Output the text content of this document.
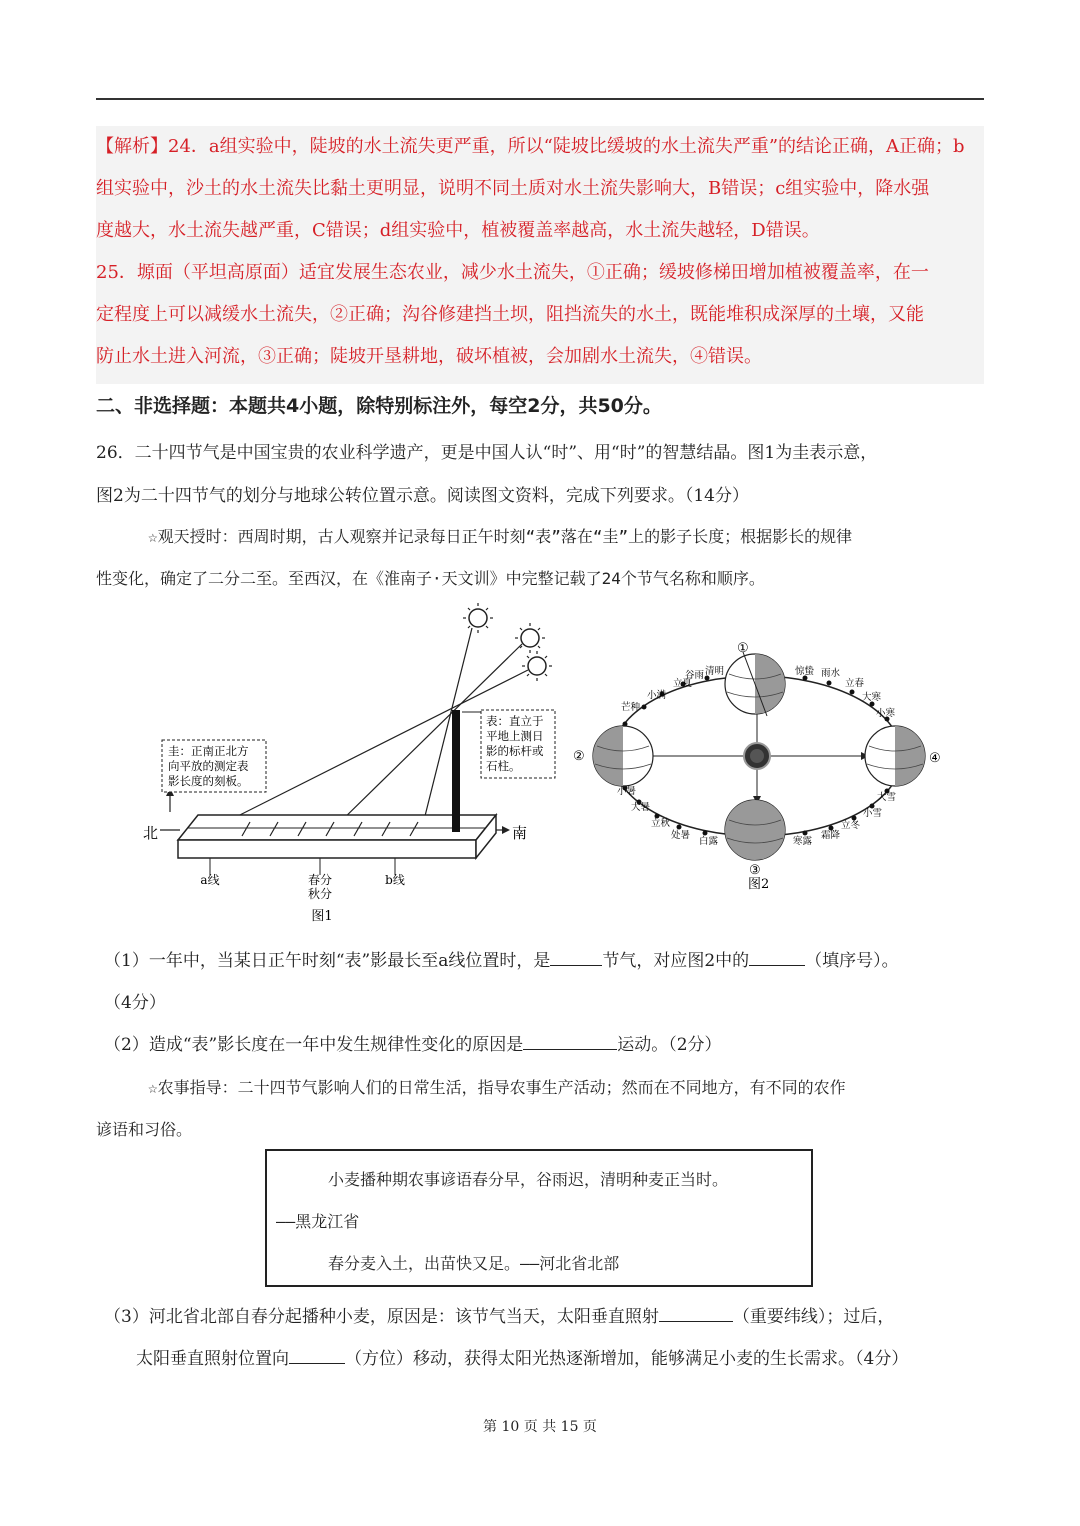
【解析】24．a组实验中，陡坡的水土流失更严重，所以“陡坡比缓坡的水土流失严重”的结论正确，A正确；b

组实验中，沙土的水土流失比黏土更明显，说明不同土质对水土流失影响大，B错误；c组实验中，降水强

度越大，水土流失越严重，C错误；d组实验中，植被覆盖率越高，水土流失越轻，D错误。

25．塬面（平坦高原面）适宜发展生态农业，减少水土流失，①正确；缓坡修梯田增加植被覆盖率，在一

定程度上可以减缓水土流失，②正确；沟谷修建挡土坝，阻挡流失的水土，既能堆积成深厚的土壤，又能

防止水土进入河流，③正确；陡坡开垦耕地，破坏植被，会加剧水土流失，④错误。

二、非选择题：本题共4小题，除特别标注外，每空2分，共50分。
26．二十四节气是中国宝贵的农业科学遗产，更是中国人认“时”、用“时”的智慧结晶。图1为圭表示意，
图2为二十四节气的划分与地球公转位置示意。阅读图文资料，完成下列要求。（14分）
☆观天授时：西周时期，古人观察并记录每日正午时刻“表”落在“圭”上的影子长度；根据影长的规律
性变化，确定了二分二至。至西汉，在《淮南子·天文训》中完整记载了24个节气名称和顺序。
北	南
圭：正南正北方
向平放的测定表
影长度的刻板。
表：直立于
平地上测日
影的标杆或
石柱。
a线	春分
秋分
b线
图1
①
②
③
④
立夏
谷雨 清明	惊蛰 雨水
立春
大寒
小寒
小满
芒种
小暑
大暑
立秋
处暑
白露	寒露
霜降
立冬
小雪
大雪
图2
（1）一年中，当某日正午时刻“表”影最长至a线位置时，是	节气，对应图2中的	（填序号）。
（4分）
（2）造成“表”影长度在一年中发生规律性变化的原因是	运动。（2分）
☆农事指导：二十四节气影响人们的日常生活，指导农事生产活动；然而在不同地方，有不同的农作
谚语和习俗。
小麦播种期农事谚语春分早，谷雨迟，清明种麦正当时。
——黑龙江省
春分麦入土，出苗快又足。——河北省北部
（3）河北省北部自春分起播种小麦，原因是：该节气当天，太阳垂直照射	（重要纬线）；过后，
太阳垂直照射位置向	（方位）移动，获得太阳光热逐渐增加，能够满足小麦的生长需求。（4分）
第 10 页 共 15 页
